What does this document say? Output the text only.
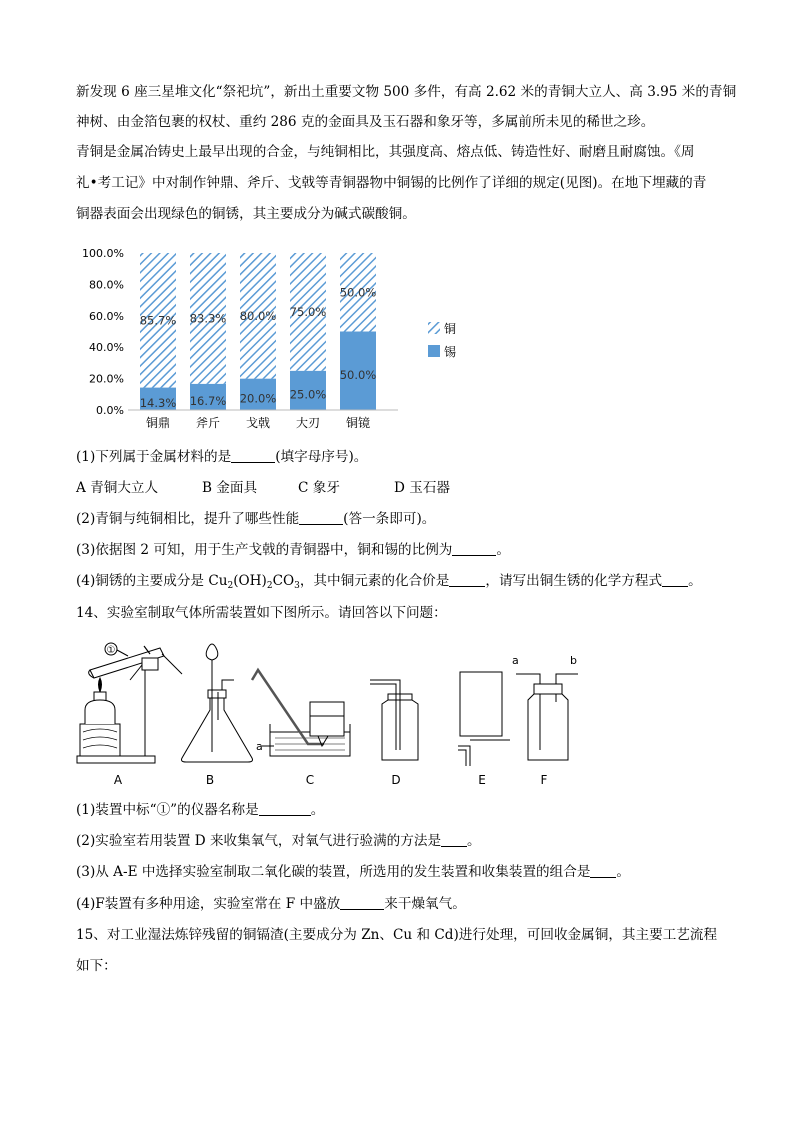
新发现 6 座三星堆文化“祭祀坑”，新出土重要文物 500 多件，有高 2.62 米的青铜大立人、高 3.95 米的青铜
神树、由金箔包裹的权杖、重约 286 克的金面具及玉石器和象牙等，多属前所未见的稀世之珍。
青铜是金属冶铸史上最早出现的合金，与纯铜相比，其强度高、熔点低、铸造性好、耐磨且耐腐蚀。《周
礼•考工记》中对制作钟鼎、斧斤、戈戟等青铜器物中铜锡的比例作了详细的规定(见图)。在地下埋藏的青
铜器表面会出现绿色的铜锈，其主要成分为碱式碳酸铜。
0.0%
20.0%
40.0%
60.0%
80.0%
100.0%
14.3%
85.7%
16.7%
83.3%
20.0%
80.0%
25.0%
75.0%
50.0%
50.0%
铜鼎 斧斤 戈戟 大刃 铜镜
铜
锡
(1)下列属于金属材料的是	(填字母序号)。
A 青铜大立人	B 金面具	C 象牙	D 玉石器
(2)青铜与纯铜相比，提升了哪些性能	(答一条即可)。
(3)依据图 2 可知，用于生产戈戟的青铜器中，铜和锡的比例为	。
(4)铜锈的主要成分是 $Cu_2(OH)_2CO_3$，其中铜元素的化合价是	，请写出铜生锈的化学方程式 。
14、实验室制取气体所需装置如下图所示。请回答以下问题：
①
a
a	b
A	B	C	D	E	F
(1)装置中标“①”的仪器名称是	。
(2)实验室若用装置 D 来收集氧气，对氧气进行验满的方法是 。
(3)从 A-E 中选择实验室制取二氧化碳的装置，所选用的发生装置和收集装置的组合是 。
(4)F装置有多种用途，实验室常在 F 中盛放	来干燥氧气。
15、对工业湿法炼锌残留的铜镉渣(主要成分为 Zn、Cu 和 Cd)进行处理，可回收金属铜，其主要工艺流程
如下：
